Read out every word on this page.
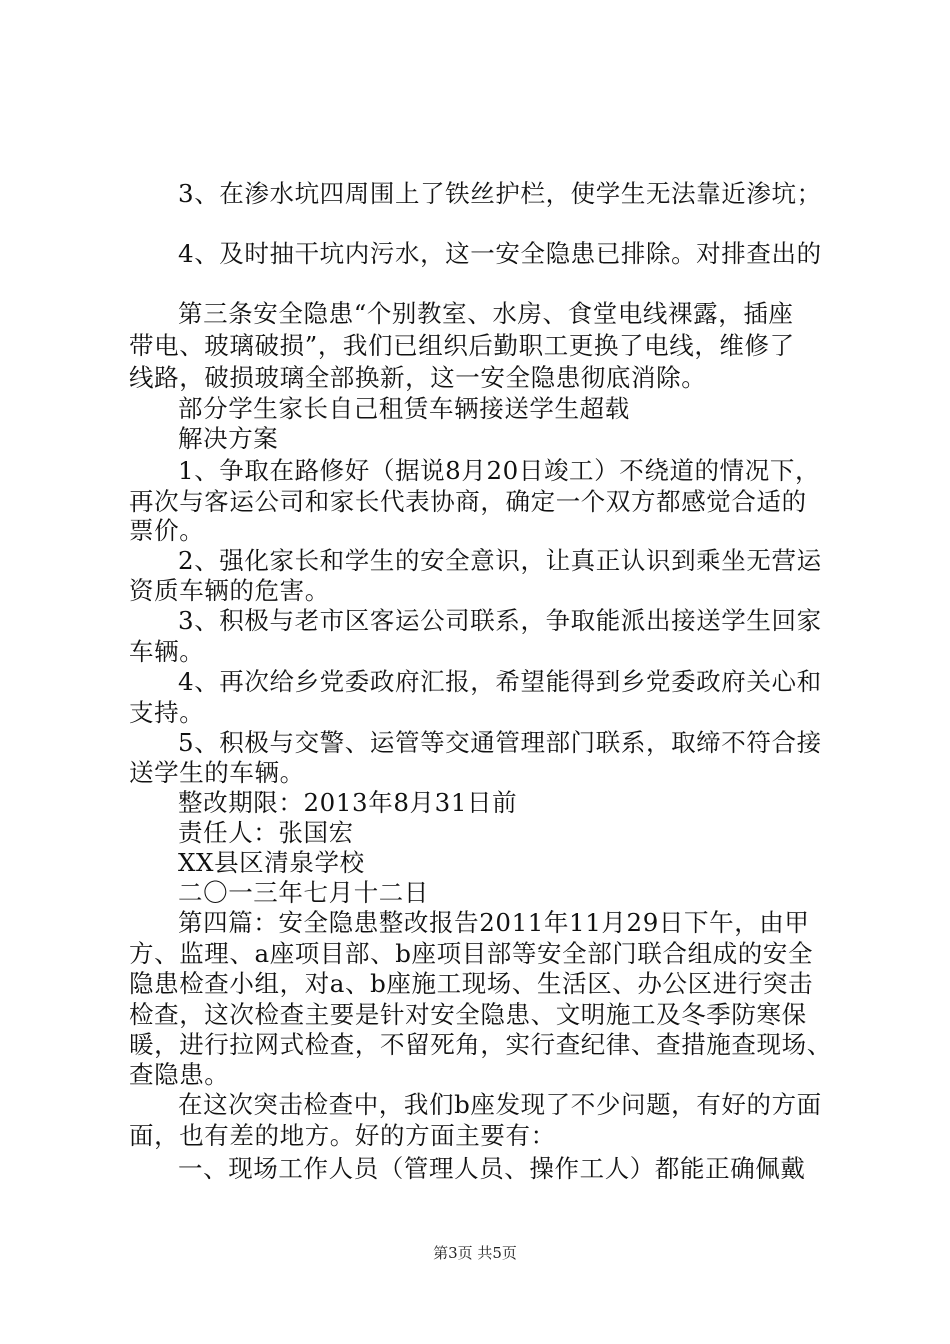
3、在渗水坑四周围上了铁丝护栏，使学生无法靠近渗坑；
4、及时抽干坑内污水，这一安全隐患已排除。对排查出的
第三条安全隐患“个别教室、水房、食堂电线裸露，插座
带电、玻璃破损”，我们已组织后勤职工更换了电线，维修了
线路，破损玻璃全部换新，这一安全隐患彻底消除。
部分学生家长自己租赁车辆接送学生超载
解决方案
1、争取在路修好（据说8月20日竣工）不绕道的情况下，
再次与客运公司和家长代表协商，确定一个双方都感觉合适的
票价。
2、强化家长和学生的安全意识，让真正认识到乘坐无营运
资质车辆的危害。
3、积极与老市区客运公司联系，争取能派出接送学生回家
车辆。
4、再次给乡党委政府汇报，希望能得到乡党委政府关心和
支持。
5、积极与交警、运管等交通管理部门联系，取缔不符合接
送学生的车辆。
整改期限：2013年8月31日前
责任人：张国宏
XX县区清泉学校
二〇一三年七月十二日
第四篇：安全隐患整改报告2011年11月29日下午，由甲
方、监理、a座项目部、b座项目部等安全部门联合组成的安全
隐患检查小组，对a、b座施工现场、生活区、办公区进行突击
检查，这次检查主要是针对安全隐患、文明施工及冬季防寒保
暖，进行拉网式检查，不留死角，实行查纪律、查措施查现场、
查隐患。
在这次突击检查中，我们b座发现了不少问题，有好的方面
面，也有差的地方。好的方面主要有：
一、现场工作人员（管理人员、操作工人）都能正确佩戴
第3页 共5页
